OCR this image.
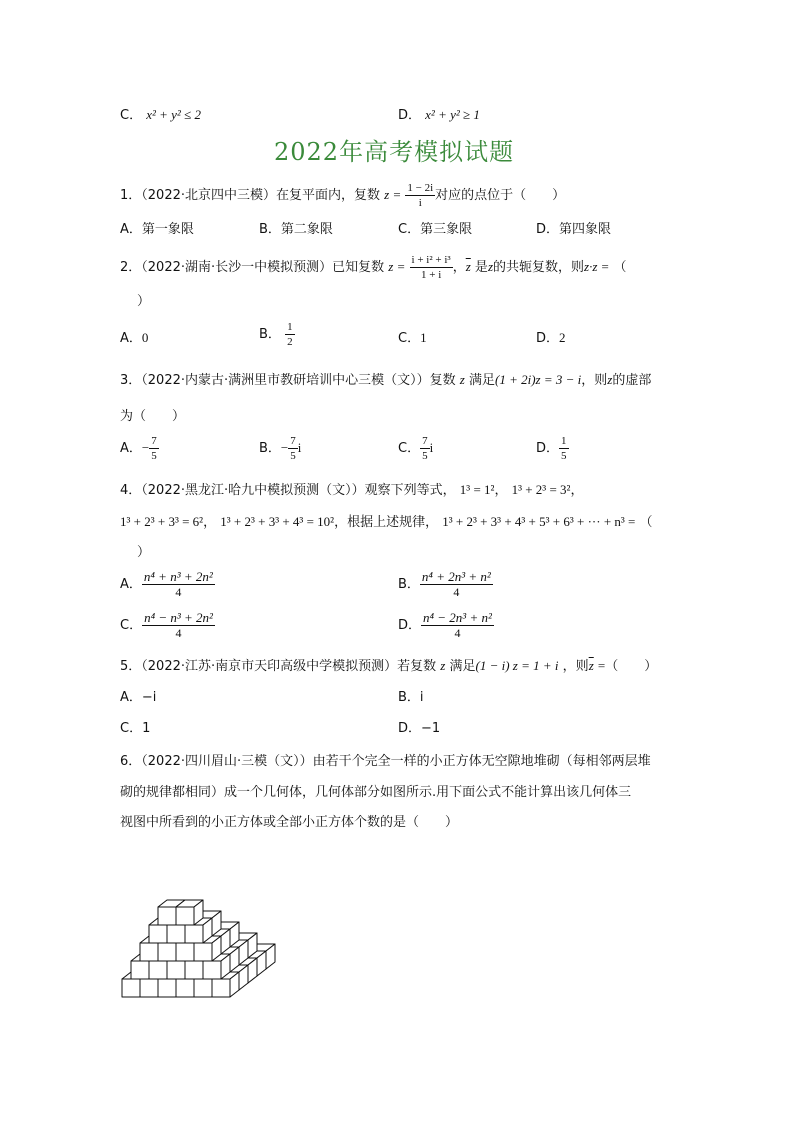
C． x² + y² ≤ 2	D． x² + y² ≥ 1
2022年高考模拟试题
1．（2022·北京四中三模）在复平面内，复数 $z = \frac{1 - 2i}{i}$ 对应的点位于（　　）
A．第一象限	B．第二象限	C．第三象限	D．第四象限
2．（2022·湖南·长沙一中模拟预测）已知复数 $z = \frac{\text{i + i² + i³}}{1 + i}$ ，$\overline{z}$ 是z的共轭复数，则z·z = （
）
A．0	B． $\frac{1}{2}$	C．1	D．2
3．（2022·内蒙古·满洲里市教研培训中心三模（文））复数 z 满足(1 + 2i)z = 3 − i，则z的虚部
为（　　）
A．− $\frac{7}{5}$	B．− $\frac{7}{5}$ i	C． $\frac{7}{5}$ i	D． $\frac{1}{5}$
4．（2022·黑龙江·哈九中模拟预测（文））观察下列等式， 1³ = 1²， 1³ + 2³ = 3²，
1³ + 2³ + 3³ = 6²， 1³ + 2³ + 3³ + 4³ = 10²，根据上述规律， 1³ + 2³ + 3³ + 4³ + 5³ + 6³ + ··· + n³ = （
）
A． $\frac{\text{n⁴ + n³ + 2n²}}{4}$	B． $\frac{\text{n⁴ + 2n³ + n²}}{4}$
C． $\frac{\text{n⁴ − n³ + 2n²}}{4}$	D． $\frac{\text{n⁴ − 2n³ + n²}}{4}$
5．（2022·江苏·南京市天印高级中学模拟预测）若复数 z 满足(1 − i) z = 1 + i ，则$\overline{z}$ =（　　）
A．−i	B．i
C．1	D．−1
6．（2022·四川眉山·三模（文））由若干个完全一样的小正方体无空隙地堆砌（每相邻两层堆
砌的规律都相同）成一个几何体，几何体部分如图所示.用下面公式不能计算出该几何体三
视图中所看到的小正方体或全部小正方体个数的是（　　）
